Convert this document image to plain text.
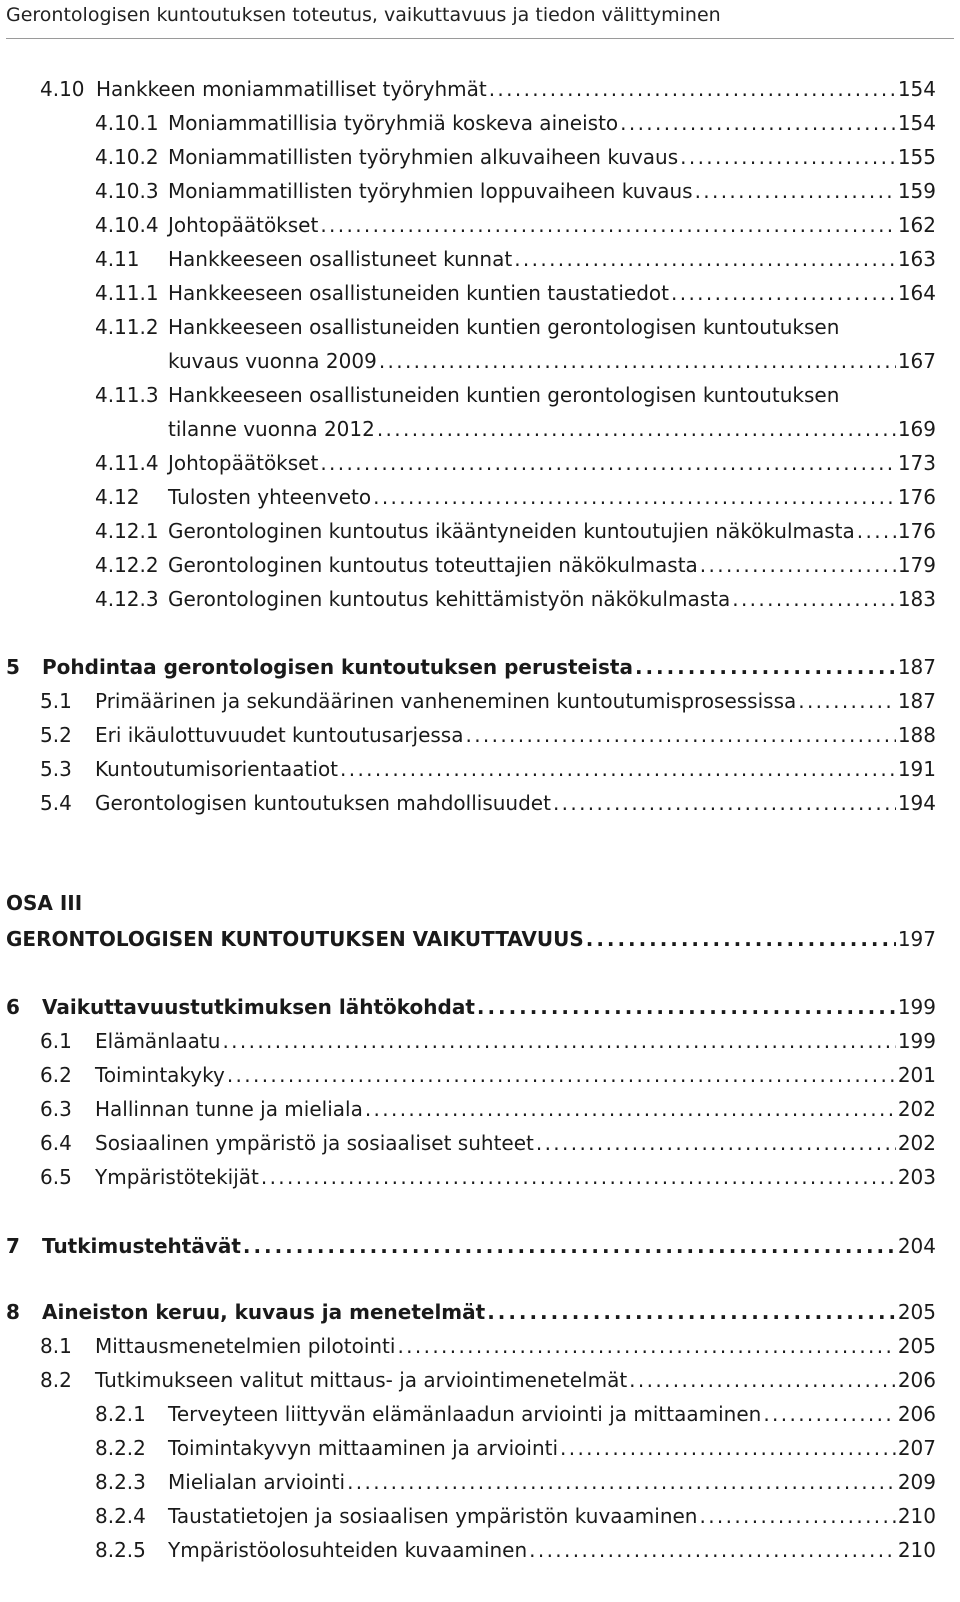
Gerontologisen kuntoutuksen toteutus, vaikuttavuus ja tiedon välittyminen
4.10 Hankkeen moniammatilliset työryhmät . . .	154
4.10.1 Moniammatillisia työryhmiä koskeva aineisto . . .	154
4.10.2 Moniammatillisten työryhmien alkuvaiheen kuvaus . . .	155
4.10.3 Moniammatillisten työryhmien loppuvaiheen kuvaus . . .	159
4.10.4 Johtopäätökset . . .	162
4.11 Hankkeeseen osallistuneet kunnat . . .	163
4.11.1 Hankkeeseen osallistuneiden kuntien taustatiedot . . .	164
4.11.2 Hankkeeseen osallistuneiden kuntien gerontologisen kuntoutuksen
kuvaus vuonna 2009 . . .	167
4.11.3 Hankkeeseen osallistuneiden kuntien gerontologisen kuntoutuksen
tilanne vuonna 2012 . . .	169
4.11.4 Johtopäätökset . . .	173
4.12 Tulosten yhteenveto . . .	176
4.12.1 Gerontologinen kuntoutus ikääntyneiden kuntoutujien näkökulmasta . . . 176
4.12.2 Gerontologinen kuntoutus toteuttajien näkökulmasta . . .	179
4.12.3 Gerontologinen kuntoutus kehittämistyön näkökulmasta . . .	183
5 Pohdintaa gerontologisen kuntoutuksen perusteista . . .	187
5.1 Primäärinen ja sekundäärinen vanheneminen kuntoutumisprosessissa . . .	187
5.2 Eri ikäulottuvuudet kuntoutusarjessa . . .	188
5.3 Kuntoutumisorientaatiot . . .	191
5.4 Gerontologisen kuntoutuksen mahdollisuudet . . .	194
OSA III
GERONTOLOGISEN KUNTOUTUKSEN VAIKUTTAVUUS . . .	197
6 Vaikuttavuustutkimuksen lähtökohdat . . .	199
6.1 Elämänlaatu . . .	199
6.2 Toimintakyky . . .	201
6.3 Hallinnan tunne ja mieliala . . .	202
6.4 Sosiaalinen ympäristö ja sosiaaliset suhteet . . .	202
6.5 Ympäristötekijät . . .	203
7 Tutkimustehtävät . . .	204
8 Aineiston keruu, kuvaus ja menetelmät . . .	205
8.1 Mittausmenetelmien pilotointi . . .	205
8.2 Tutkimukseen valitut mittaus- ja arviointimenetelmät . . .	206
8.2.1 Terveyteen liittyvän elämänlaadun arviointi ja mittaaminen . . .	206
8.2.2 Toimintakyvyn mittaaminen ja arviointi . . .	207
8.2.3 Mielialan arviointi . . .	209
8.2.4 Taustatietojen ja sosiaalisen ympäristön kuvaaminen . . .	210
8.2.5 Ympäristöolosuhteiden kuvaaminen . . .	210
